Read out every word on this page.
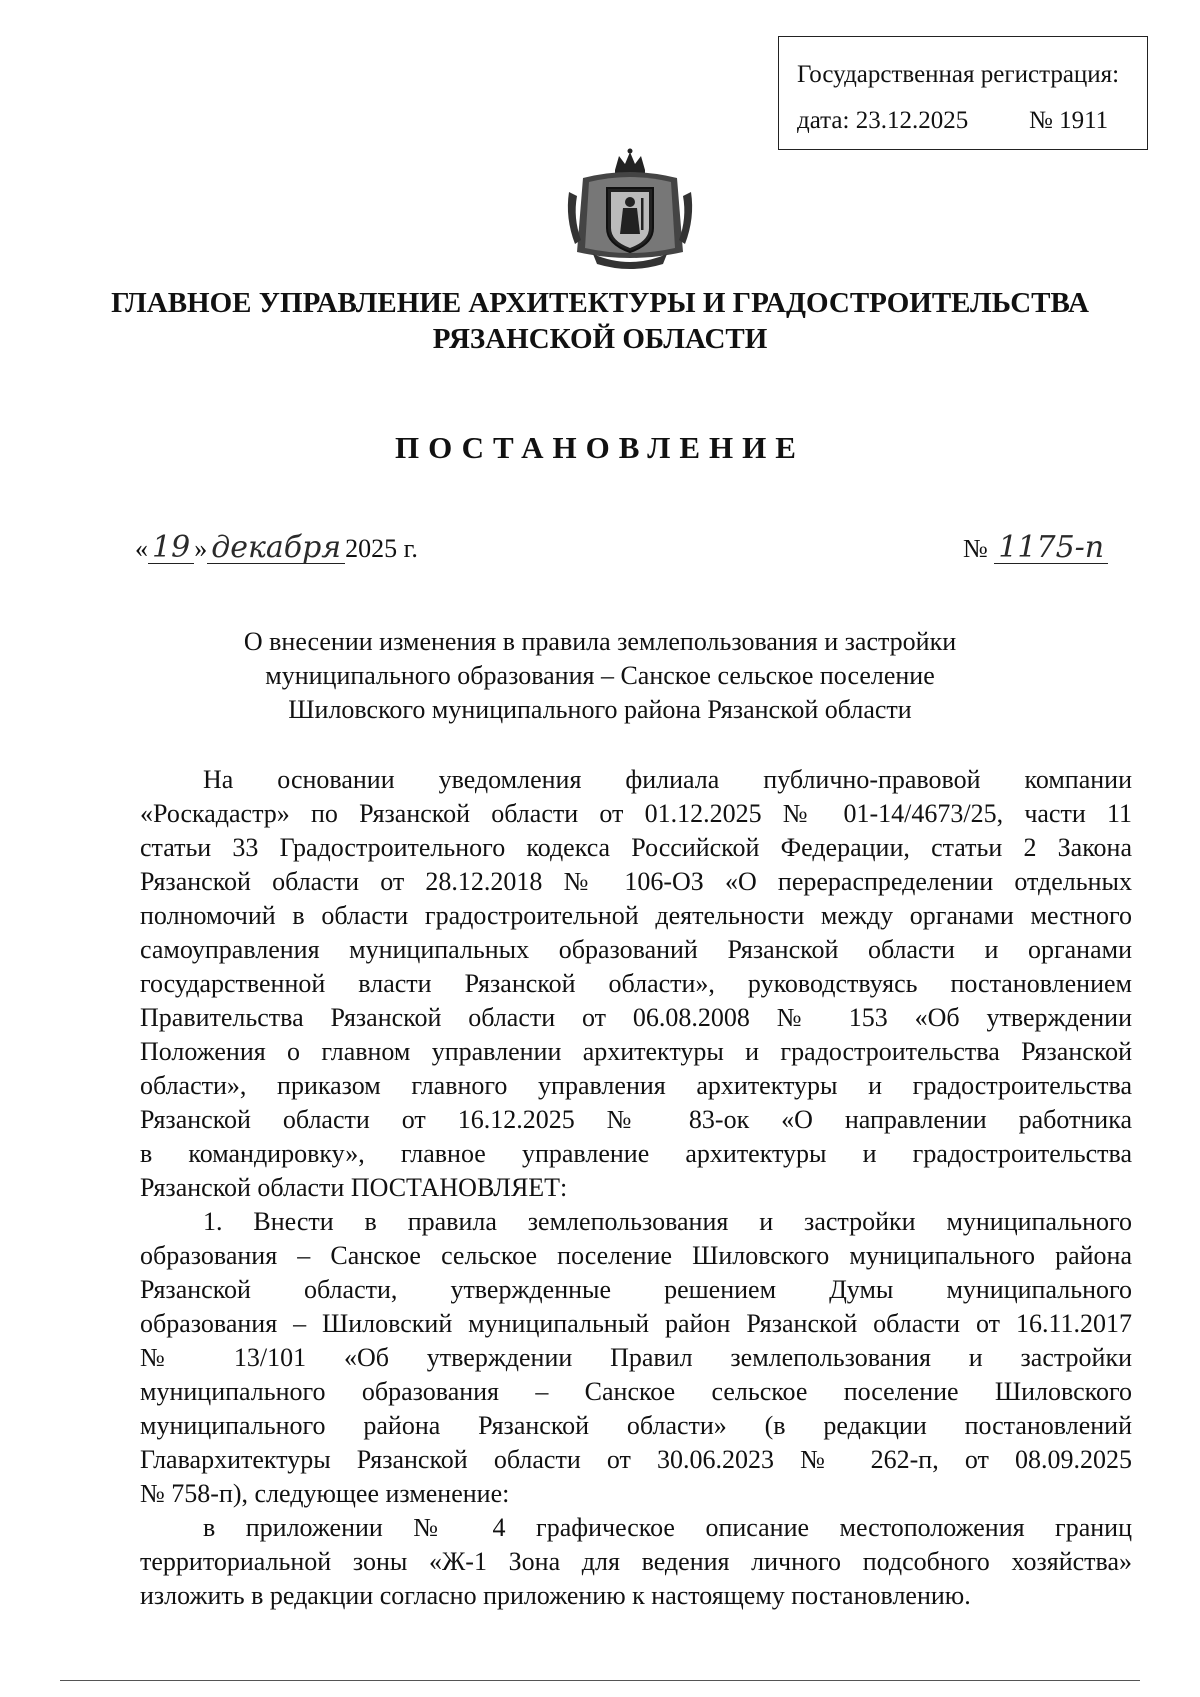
Государственная регистрация:
дата: 23.12.2025 № 1911
ГЛАВНОЕ УПРАВЛЕНИЕ АРХИТЕКТУРЫ И ГРАДОСТРОИТЕЛЬСТВА
РЯЗАНСКОЙ ОБЛАСТИ
ПОСТАНОВЛЕНИЕ
« 19 » декабря 2025 г.	№ 1175-п
О внесении изменения в правила землепользования и застройки
муниципального образования – Санское сельское поселение
Шиловского муниципального района Рязанской области
На основании уведомления филиала публично-правовой компании
«Роскадастр» по Рязанской области от 01.12.2025 № 01-14/4673/25, части 11
статьи 33 Градостроительного кодекса Российской Федерации, статьи 2 Закона
Рязанской области от 28.12.2018 № 106-ОЗ «О перераспределении отдельных
полномочий в области градостроительной деятельности между органами местного
самоуправления муниципальных образований Рязанской области и органами
государственной власти Рязанской области», руководствуясь постановлением
Правительства Рязанской области от 06.08.2008 № 153 «Об утверждении
Положения о главном управлении архитектуры и градостроительства Рязанской
области», приказом главного управления архитектуры и градостроительства
Рязанской области от 16.12.2025 № 83-ок «О направлении работника
в командировку», главное управление архитектуры и градостроительства
Рязанской области ПОСТАНОВЛЯЕТ:
1. Внести в правила землепользования и застройки муниципального
образования – Санское сельское поселение Шиловского муниципального района
Рязанской области, утвержденные решением Думы муниципального
образования – Шиловский муниципальный район Рязанской области от 16.11.2017
№ 13/101 «Об утверждении Правил землепользования и застройки
муниципального образования – Санское сельское поселение Шиловского
муниципального района Рязанской области» (в редакции постановлений
Главархитектуры Рязанской области от 30.06.2023 № 262-п, от 08.09.2025
№ 758-п), следующее изменение:
в приложении № 4 графическое описание местоположения границ
территориальной зоны «Ж-1 Зона для ведения личного подсобного хозяйства»
изложить в редакции согласно приложению к настоящему постановлению.
